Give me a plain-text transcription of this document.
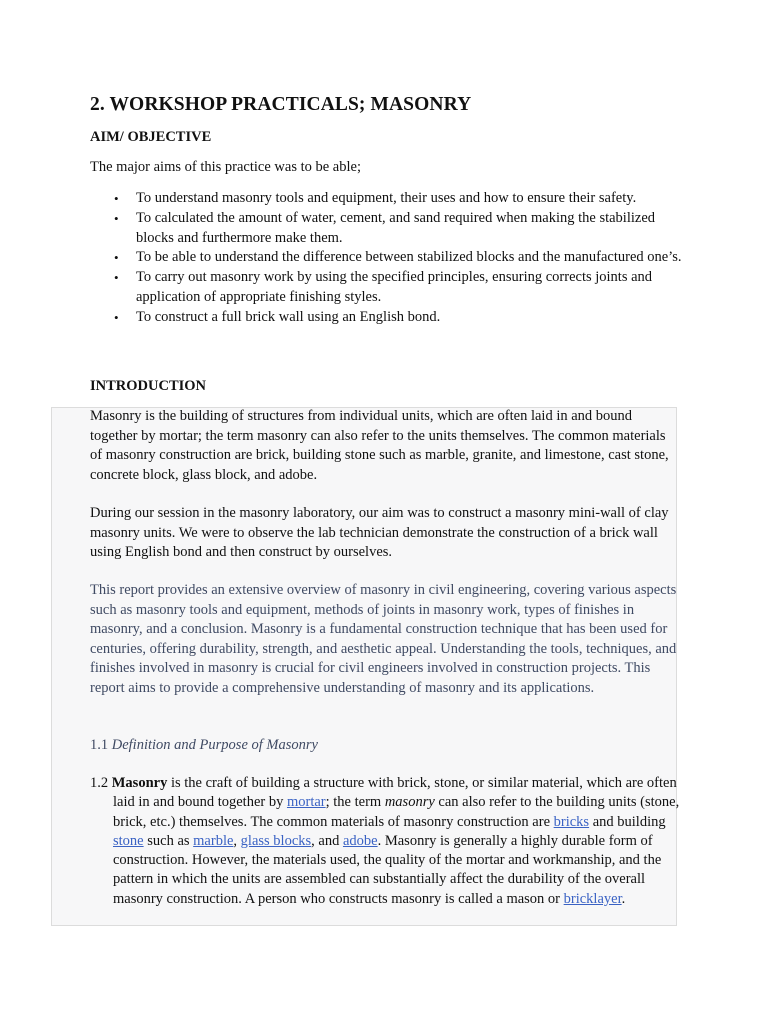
2. WORKSHOP PRACTICALS; MASONRY
AIM/ OBJECTIVE

The major aims of this practice was to be able;

• To understand masonry tools and equipment, their uses and how to ensure their safety.
• To calculated the amount of water, cement, and sand required when making the stabilized blocks and furthermore make them.
• To be able to understand the difference between stabilized blocks and the manufactured one’s.
• To carry out masonry work by using the specified principles, ensuring corrects joints and application of appropriate finishing styles.
• To construct a full brick wall using an English bond.
INTRODUCTION

Masonry is the building of structures from individual units, which are often laid in and bound together by mortar; the term masonry can also refer to the units themselves. The common materials of masonry construction are brick, building stone such as marble, granite, and limestone, cast stone, concrete block, glass block, and adobe.

During our session in the masonry laboratory, our aim was to construct a masonry mini-wall of clay masonry units. We were to observe the lab technician demonstrate the construction of a brick wall using English bond and then construct by ourselves.

This report provides an extensive overview of masonry in civil engineering, covering various aspects such as masonry tools and equipment, methods of joints in masonry work, types of finishes in masonry, and a conclusion. Masonry is a fundamental construction technique that has been used for centuries, offering durability, strength, and aesthetic appeal. Understanding the tools, techniques, and finishes involved in masonry is crucial for civil engineers involved in construction projects. This report aims to provide a comprehensive understanding of masonry and its applications.

1.1 Definition and Purpose of Masonry

1.2 Masonry is the craft of building a structure with brick, stone, or similar material, which are often laid in and bound together by mortar; the term masonry can also refer to the building units (stone, brick, etc.) themselves. The common materials of masonry construction are bricks and building stone such as marble, glass blocks, and adobe. Masonry is generally a highly durable form of construction. However, the materials used, the quality of the mortar and workmanship, and the pattern in which the units are assembled can substantially affect the durability of the overall masonry construction. A person who constructs masonry is called a mason or bricklayer.
